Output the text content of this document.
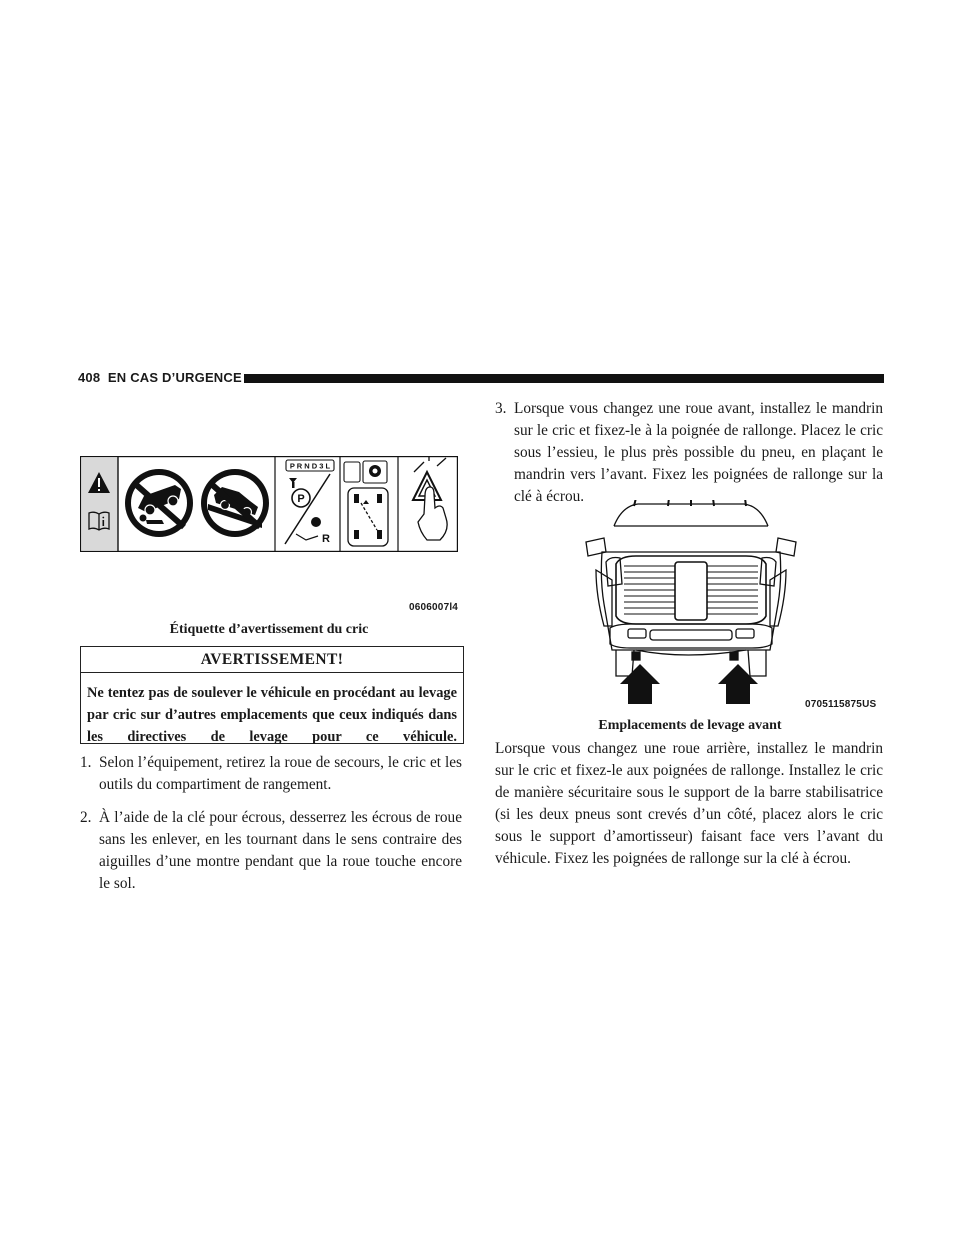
408 EN CAS D’URGENCE
P R N D 3 L
P
R
0606007l4
Étiquette d’avertissement du cric
AVERTISSEMENT!
Ne tentez pas de soulever le véhicule en procédant au levage par cric sur d’autres emplacements que ceux indiqués dans les directives de levage pour ce véhicule.
1. Selon l’équipement, retirez la roue de secours, le cric et les outils du compartiment de rangement.
2. À l’aide de la clé pour écrous, desserrez les écrous de roue sans les enlever, en les tournant dans le sens contraire des aiguilles d’une montre pendant que la roue touche encore le sol.
3. Lorsque vous changez une roue avant, installez le mandrin sur le cric et fixez-le à la poignée de rallonge. Placez le cric sous l’essieu, le plus près possible du pneu, en plaçant le mandrin vers l’avant. Fixez les poignées de rallonge sur la clé à écrou.
0705115875US
Emplacements de levage avant
Lorsque vous changez une roue arrière, installez le mandrin sur le cric et fixez-le aux poignées de rallonge. Installez le cric de manière sécuritaire sous le support de la barre stabilisatrice (si les deux pneus sont crevés d’un côté, placez alors le cric sous le support d’amortisseur) faisant face vers l’avant du véhicule. Fixez les poignées de rallonge sur la clé à écrou.
